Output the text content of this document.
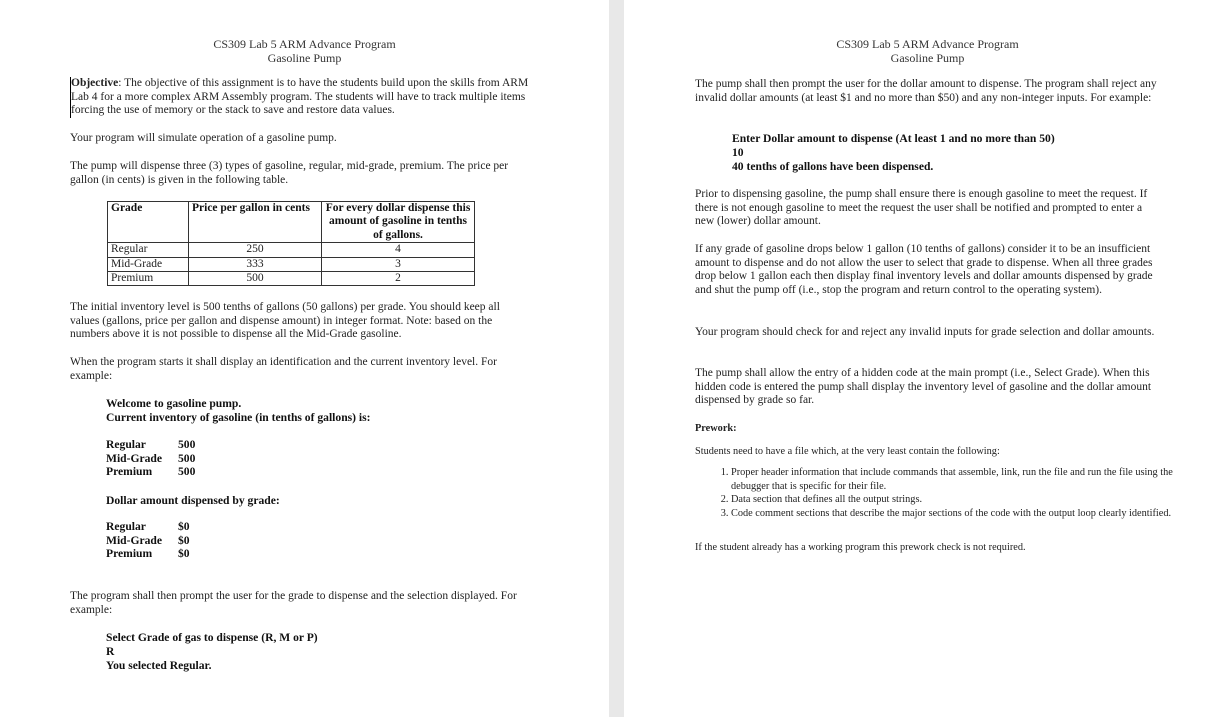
CS309 Lab 5 ARM Advance Program
Gasoline Pump

Objective: The objective of this assignment is to have the students build upon the skills from ARM Lab 4 for a more complex ARM Assembly program. The students will have to track multiple items forcing the use of memory or the stack to save and restore data values.

Your program will simulate operation of a gasoline pump.

The pump will dispense three (3) types of gasoline, regular, mid-grade, premium. The price per gallon (in cents) is given in the following table.

Grade	Price per gallon in cents	For every dollar dispense this amount of gasoline in tenths of gallons.
Regular	250	4
Mid-Grade	333	3
Premium	500	2

The initial inventory level is 500 tenths of gallons (50 gallons) per grade. You should keep all values (gallons, price per gallon and dispense amount) in integer format. Note: based on the numbers above it is not possible to dispense all the Mid-Grade gasoline.

When the program starts it shall display an identification and the current inventory level. For example:

Welcome to gasoline pump.
Current inventory of gasoline (in tenths of gallons) is:
Regular	500
Mid-Grade 500
Premium 500
Dollar amount dispensed by grade:
Regular	$0
Mid-Grade $0
Premium $0

The program shall then prompt the user for the grade to dispense and the selection displayed. For example:

Select Grade of gas to dispense (R, M or P)
R
You selected Regular.
CS309 Lab 5 ARM Advance Program
Gasoline Pump

The pump shall then prompt the user for the dollar amount to dispense. The program shall reject any invalid dollar amounts (at least $1 and no more than $50) and any non-integer inputs. For example:

Enter Dollar amount to dispense (At least 1 and no more than 50)
10
40 tenths of gallons have been dispensed.

Prior to dispensing gasoline, the pump shall ensure there is enough gasoline to meet the request. If there is not enough gasoline to meet the request the user shall be notified and prompted to enter a new (lower) dollar amount.

If any grade of gasoline drops below 1 gallon (10 tenths of gallons) consider it to be an insufficient amount to dispense and do not allow the user to select that grade to dispense. When all three grades drop below 1 gallon each then display final inventory levels and dollar amounts dispensed by grade and shut the pump off (i.e., stop the program and return control to the operating system).

Your program should check for and reject any invalid inputs for grade selection and dollar amounts.

The pump shall allow the entry of a hidden code at the main prompt (i.e., Select Grade). When this hidden code is entered the pump shall display the inventory level of gasoline and the dollar amount dispensed by grade so far.

Prework:
Students need to have a file which, at the very least contain the following:
1. Proper header information that include commands that assemble, link, run the file and run the file using the debugger that is specific for their file.
2. Data section that defines all the output strings.
3. Code comment sections that describe the major sections of the code with the output loop clearly identified.
If the student already has a working program this prework check is not required.
